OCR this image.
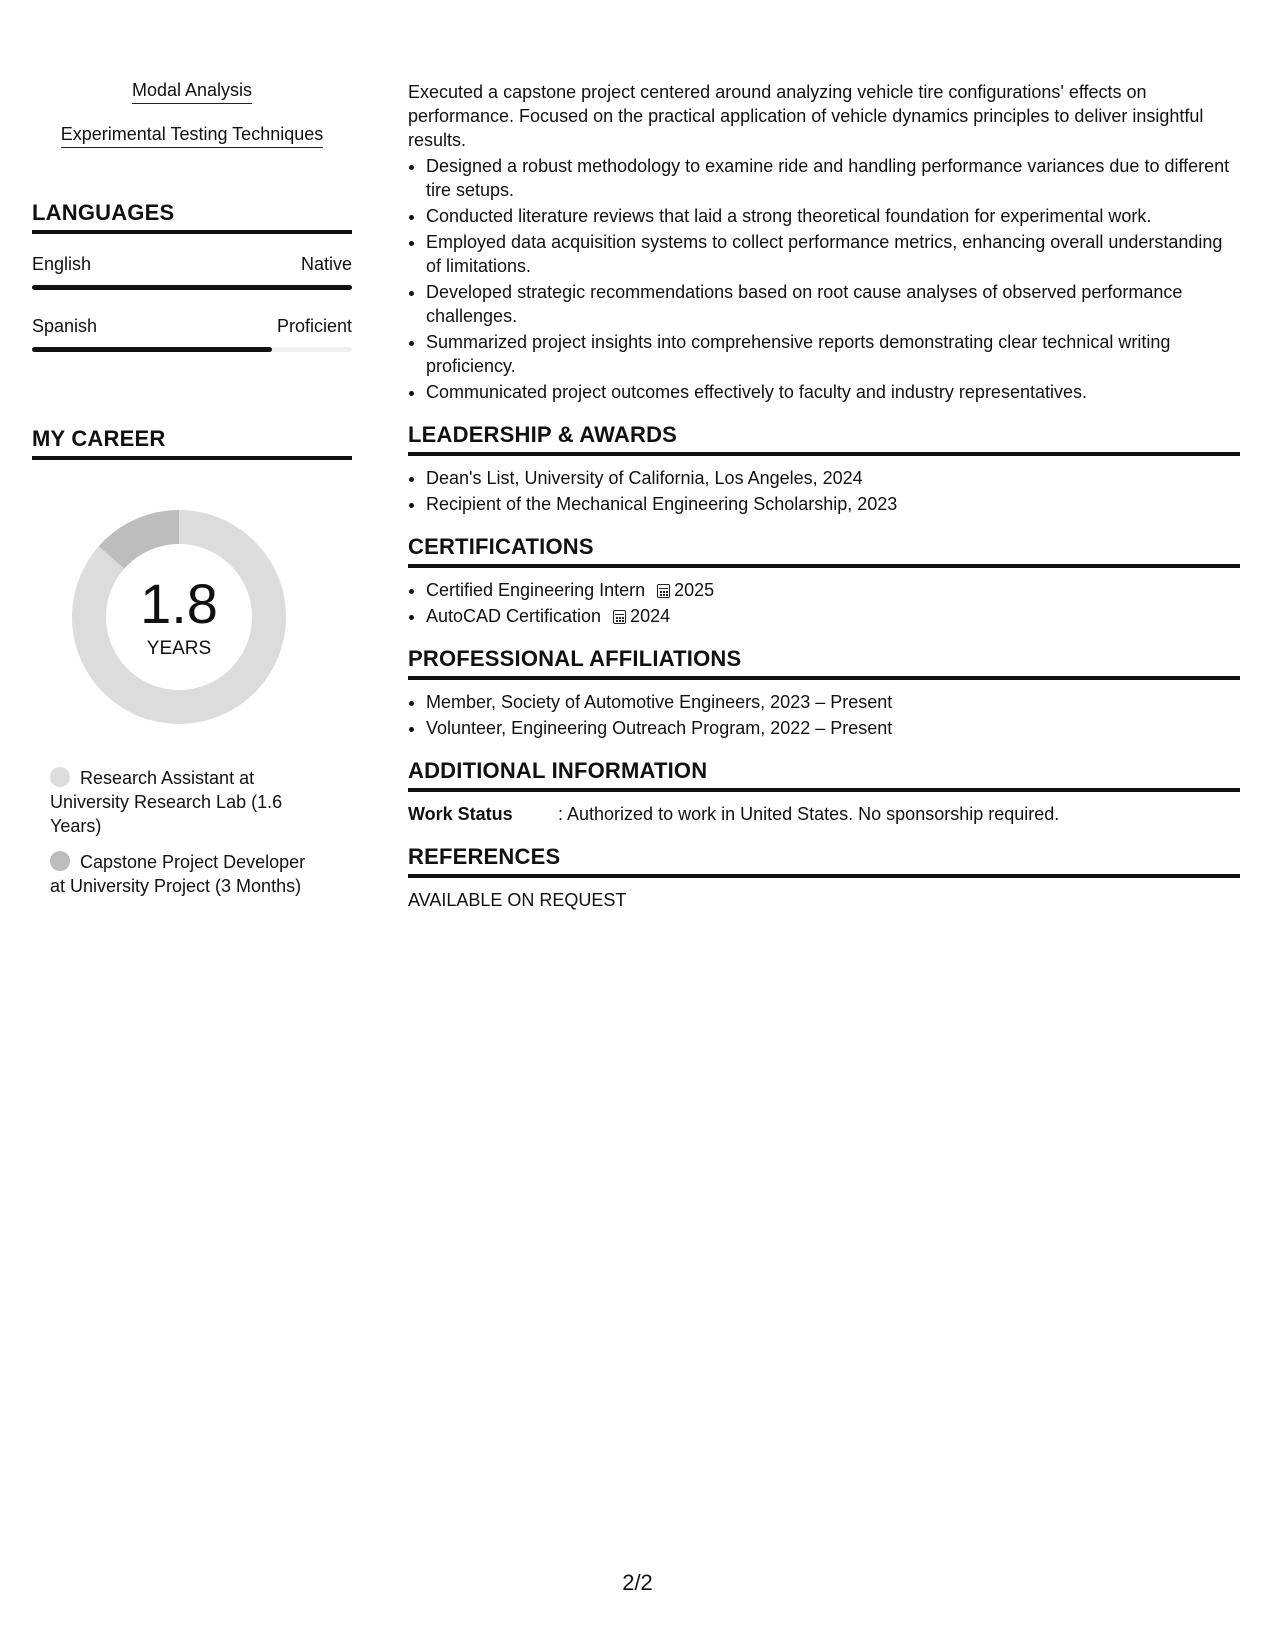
Modal Analysis
Experimental Testing Techniques
LANGUAGES
English	Native
Spanish	Proficient
MY CAREER
1.8
YEARS
Research Assistant at University Research Lab (1.6 Years)
Capstone Project Developer at University Project (3 Months)

Executed a capstone project centered around analyzing vehicle tire configurations' effects on performance. Focused on the practical application of vehicle dynamics principles to deliver insightful results.

• Designed a robust methodology to examine ride and handling performance variances due to different tire setups.
• Conducted literature reviews that laid a strong theoretical foundation for experimental work.
• Employed data acquisition systems to collect performance metrics, enhancing overall understanding of limitations.
• Developed strategic recommendations based on root cause analyses of observed performance challenges.
• Summarized project insights into comprehensive reports demonstrating clear technical writing proficiency.
• Communicated project outcomes effectively to faculty and industry representatives.
LEADERSHIP & AWARDS
• Dean's List, University of California, Los Angeles, 2024
• Recipient of the Mechanical Engineering Scholarship, 2023
CERTIFICATIONS
• Certified Engineering Intern 2025
• AutoCAD Certification 2024
PROFESSIONAL AFFILIATIONS
• Member, Society of Automotive Engineers, 2023 – Present
• Volunteer, Engineering Outreach Program, 2022 – Present
ADDITIONAL INFORMATION
Work Status	: Authorized to work in United States. No sponsorship required.
REFERENCES
AVAILABLE ON REQUEST
2/2
